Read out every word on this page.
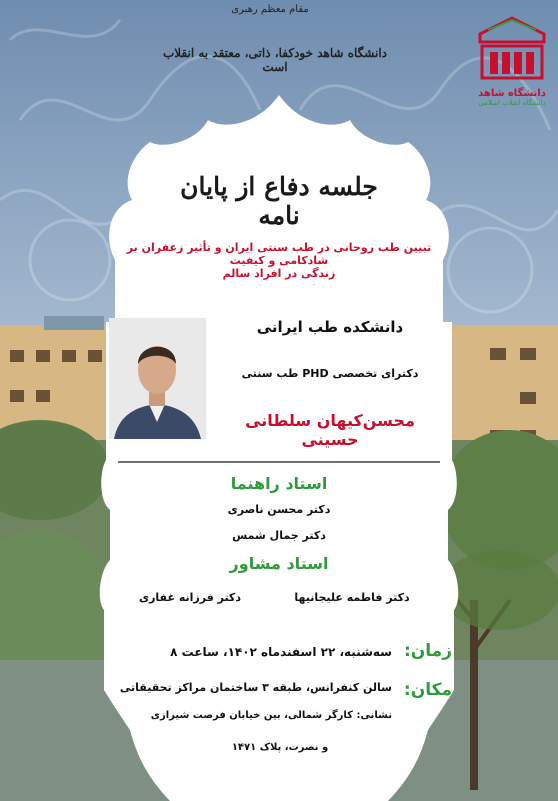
مقام معظم رهبری
دانشگاه شاهد خودکفا، ذاتی، معتقد به انقلاب است
دانشگاه شاهد
دانشگاه انقلاب اسلامی
جلسه دفاع از پایان نامه
تبیین طب روحانی در طب سنتی ایران و تأثیر زعفران بر شادکامی و کیفیت
زندگی در افراد سالم
دانشکده طب ایرانی
دکترای تخصصی PHD طب سنتی
محسن‌کیهان سلطانی حسینی
استاد راهنما
دکتر محسن ناصری
دکتر جمال شمس
استاد مشاور
دکتر فاطمه علیجانیها
دکتر فرزانه غفاری
زمان:
سه‌شنبه، ۲۲ اسفندماه ۱۴۰۲، ساعت ۸
مکان:
سالن کنفرانس، طبقه ۳ ساختمان مراکز تحقیقاتی
نشانی: کارگر شمالی، بین خیابان فرصت شیرازی
و نصرت، پلاک ۱۴۷۱
